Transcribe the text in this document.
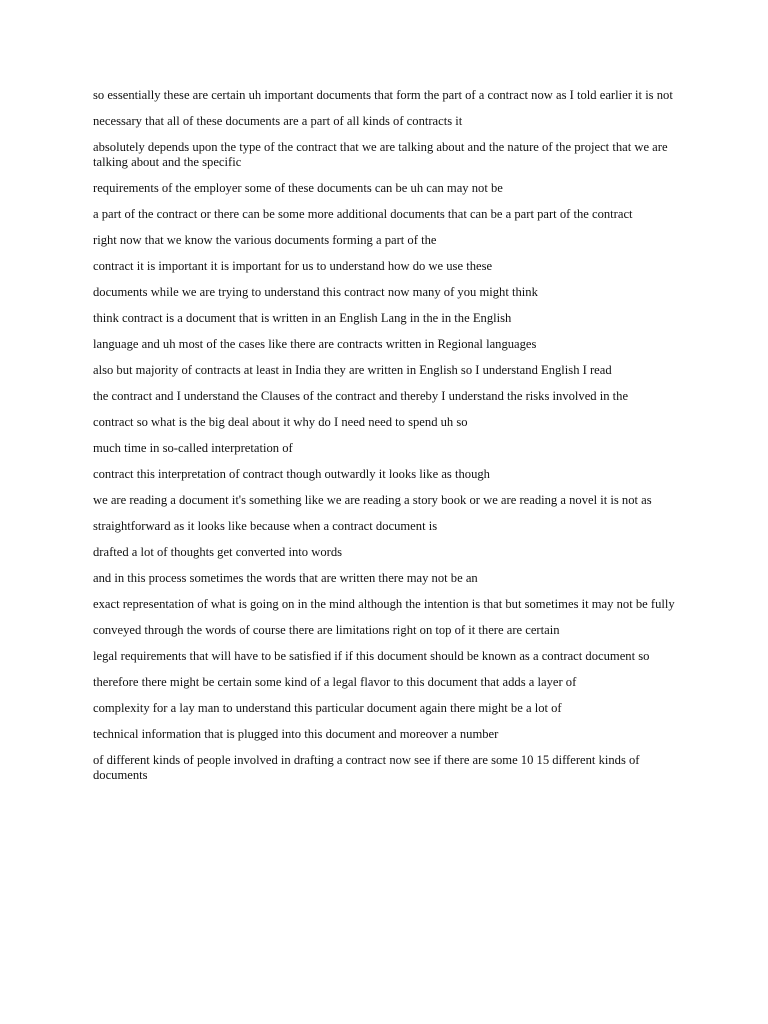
so essentially these are certain uh important documents that form the part of a contract now as I told earlier it is not

necessary that all of these documents are a part of all kinds of contracts it

absolutely depends upon the type of the contract that we are talking about and the nature of the project that we are talking about and the specific

requirements of the employer some of these documents can be uh can may not be

a part of the contract or there can be some more additional documents that can be a part part of the contract

right now that we know the various documents forming a part of the

contract it is important it is important for us to understand how do we use these

documents while we are trying to understand this contract now many of you might think

think contract is a document that is written in an English Lang in the in the English

language and uh most of the cases like there are contracts written in Regional languages

also but majority of contracts at least in India they are written in English so I understand English I read

the contract and I understand the Clauses of the contract and thereby I understand the risks involved in the

contract so what is the big deal about it why do I need need to spend uh so

much time in so-called interpretation of

contract this interpretation of contract though outwardly it looks like as though

we are reading a document it's something like we are reading a story book or we are reading a novel it is not as

straightforward as it looks like because when a contract document is

drafted a lot of thoughts get converted into words

and in this process sometimes the words that are written there may not be an

exact representation of what is going on in the mind although the intention is that but sometimes it may not be fully

conveyed through the words of course there are limitations right on top of it there are certain

legal requirements that will have to be satisfied if if this document should be known as a contract document so

therefore there might be certain some kind of a legal flavor to this document that adds a layer of

complexity for a lay man to understand this particular document again there might be a lot of

technical information that is plugged into this document and moreover a number

of different kinds of people involved in drafting a contract now see if there are some 10 15 different kinds of documents
